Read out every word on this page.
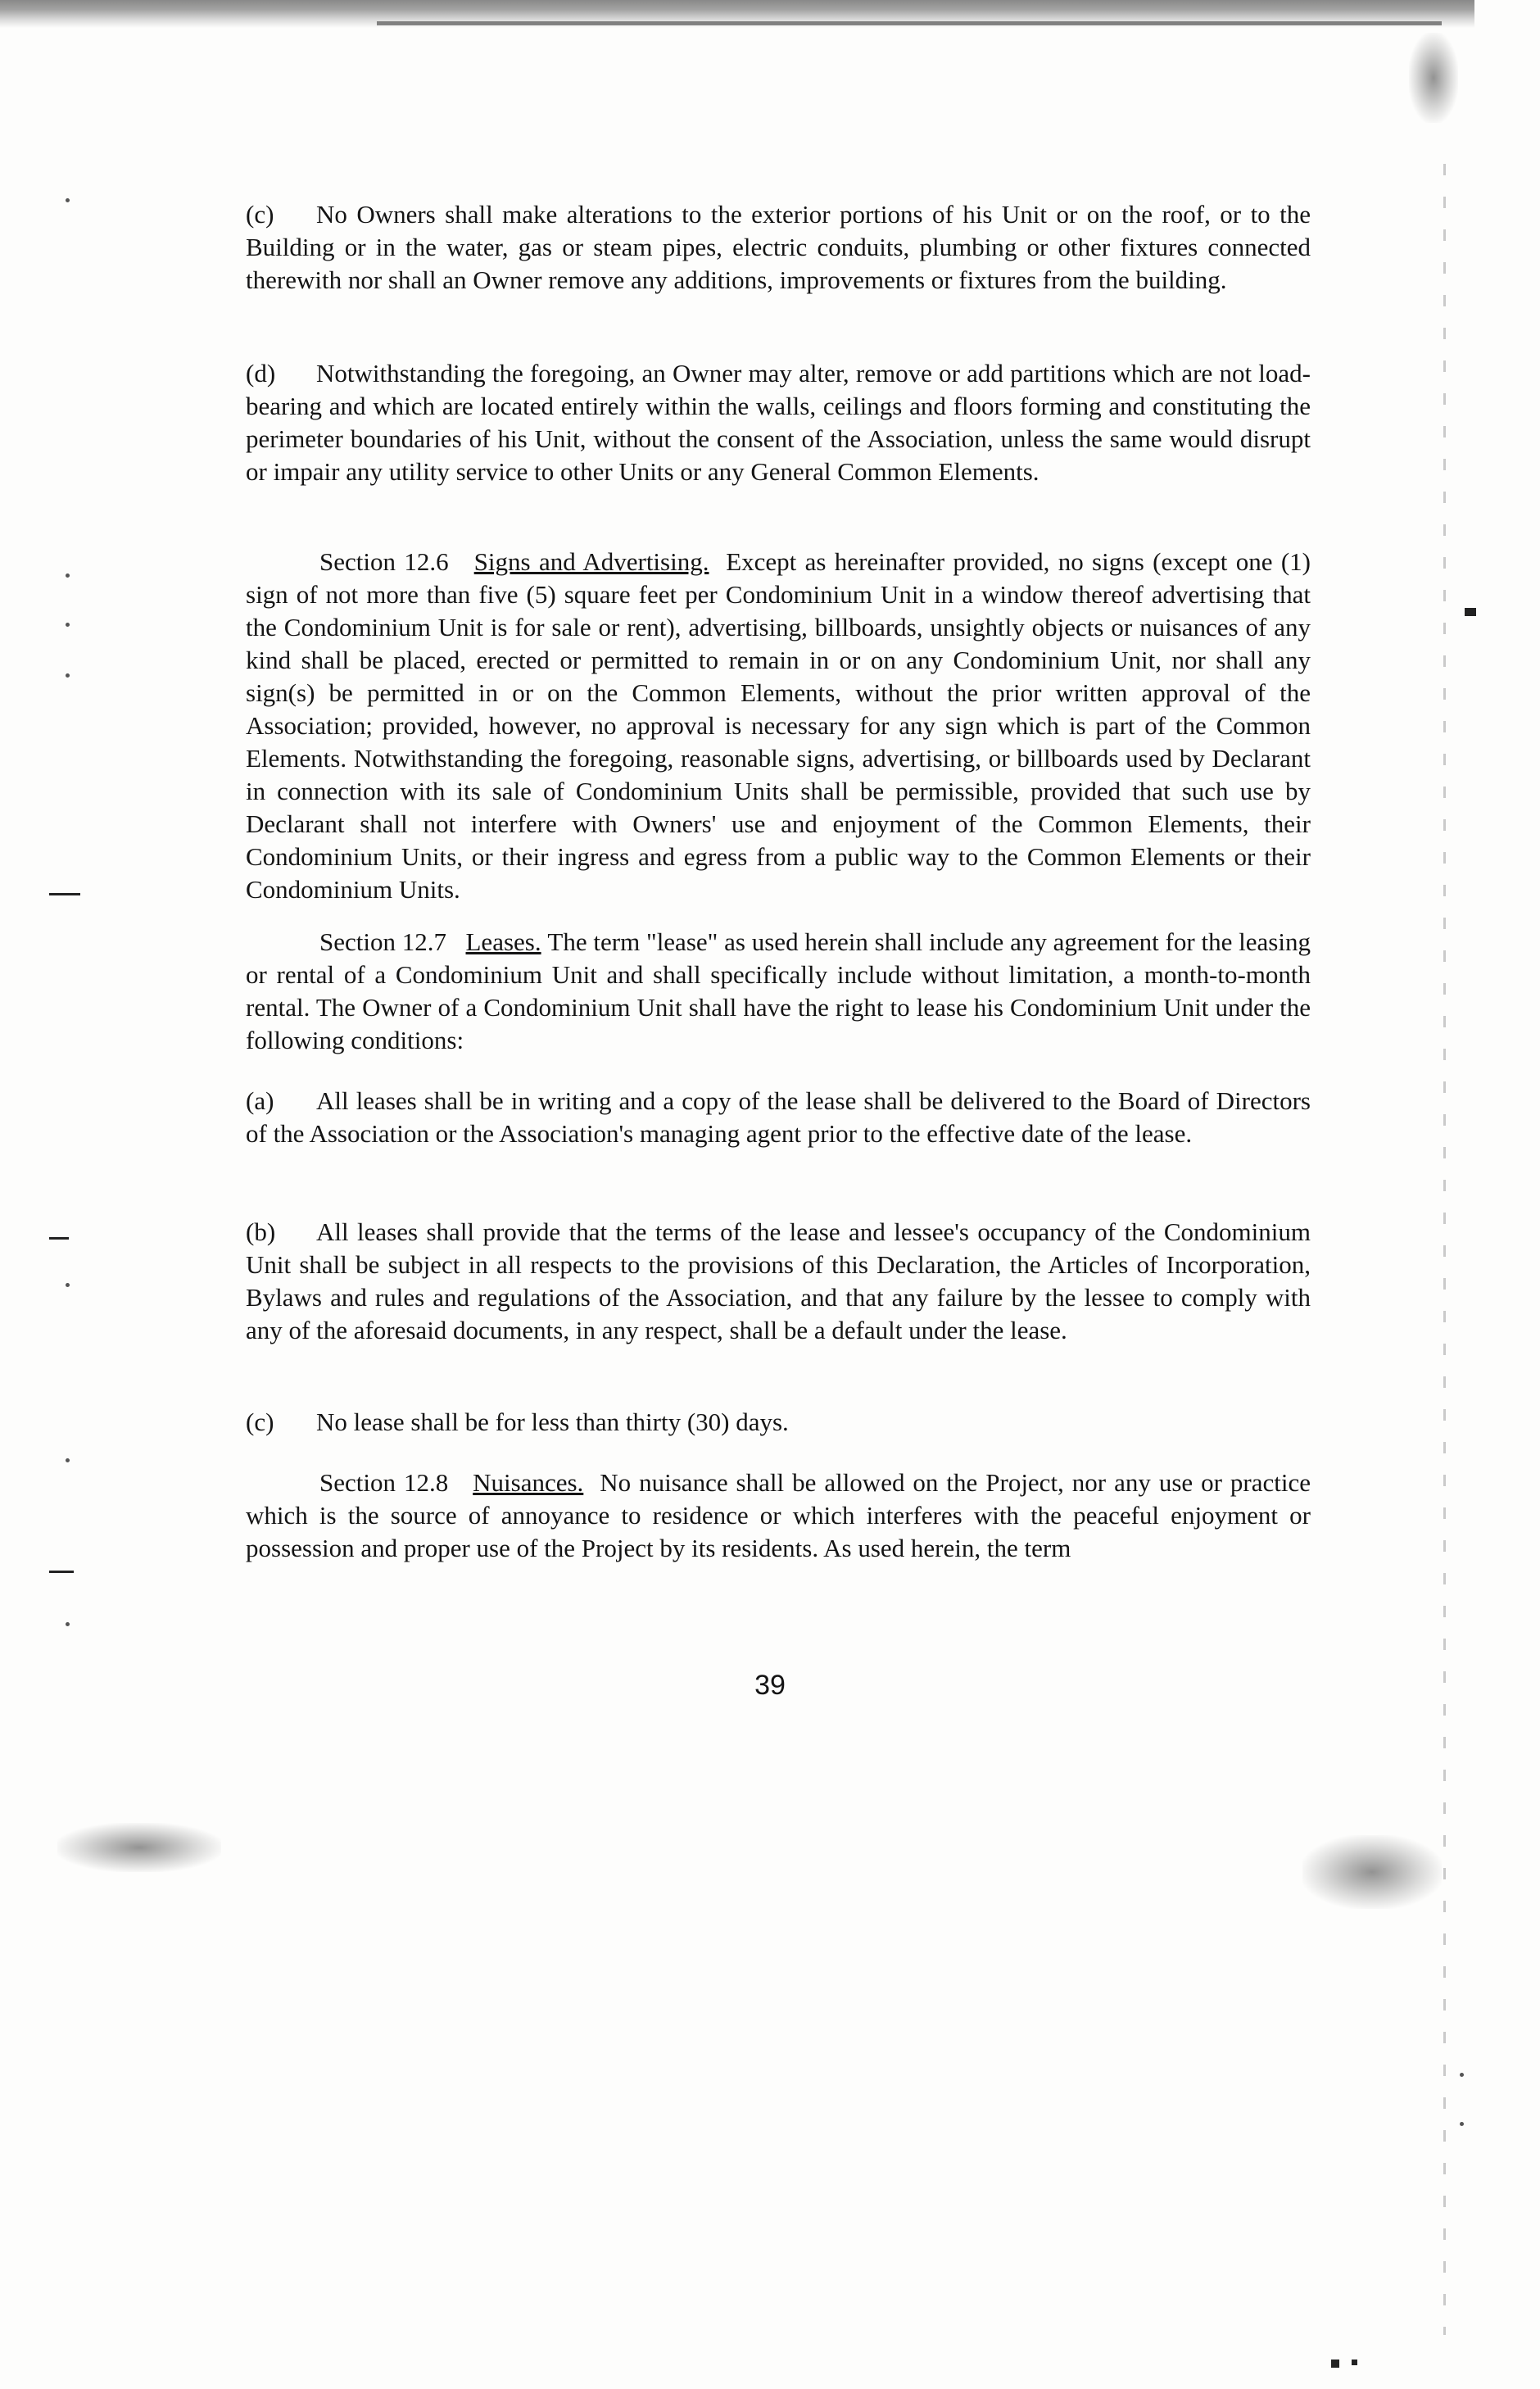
(c) No Owners shall make alterations to the exterior portions of his Unit or on the roof, or to the Building or in the water, gas or steam pipes, electric conduits, plumbing or other fixtures connected therewith nor shall an Owner remove any additions, improvements or fixtures from the building.

(d) Notwithstanding the foregoing, an Owner may alter, remove or add partitions which are not load-bearing and which are located entirely within the walls, ceilings and floors forming and constituting the perimeter boundaries of his Unit, without the consent of the Association, unless the same would disrupt or impair any utility service to other Units or any General Common Elements.

Section 12.6 Signs and Advertising. Except as hereinafter provided, no signs (except one (1) sign of not more than five (5) square feet per Condominium Unit in a window thereof advertising that the Condominium Unit is for sale or rent), advertising, billboards, unsightly objects or nuisances of any kind shall be placed, erected or permitted to remain in or on any Condominium Unit, nor shall any sign(s) be permitted in or on the Common Elements, without the prior written approval of the Association; provided, however, no approval is necessary for any sign which is part of the Common Elements. Notwithstanding the foregoing, reasonable signs, advertising, or billboards used by Declarant in connection with its sale of Condominium Units shall be permissible, provided that such use by Declarant shall not interfere with Owners' use and enjoyment of the Common Elements, their Condominium Units, or their ingress and egress from a public way to the Common Elements or their Condominium Units.

Section 12.7 Leases. The term "lease" as used herein shall include any agreement for the leasing or rental of a Condominium Unit and shall specifically include without limitation, a month-to-month rental. The Owner of a Condominium Unit shall have the right to lease his Condominium Unit under the following conditions:

(a) All leases shall be in writing and a copy of the lease shall be delivered to the Board of Directors of the Association or the Association's managing agent prior to the effective date of the lease.

(b) All leases shall provide that the terms of the lease and lessee's occupancy of the Condominium Unit shall be subject in all respects to the provisions of this Declaration, the Articles of Incorporation, Bylaws and rules and regulations of the Association, and that any failure by the lessee to comply with any of the aforesaid documents, in any respect, shall be a default under the lease.

(c) No lease shall be for less than thirty (30) days.

Section 12.8 Nuisances. No nuisance shall be allowed on the Project, nor any use or practice which is the source of annoyance to residence or which interferes with the peaceful enjoyment or possession and proper use of the Project by its residents. As used herein, the term

39
